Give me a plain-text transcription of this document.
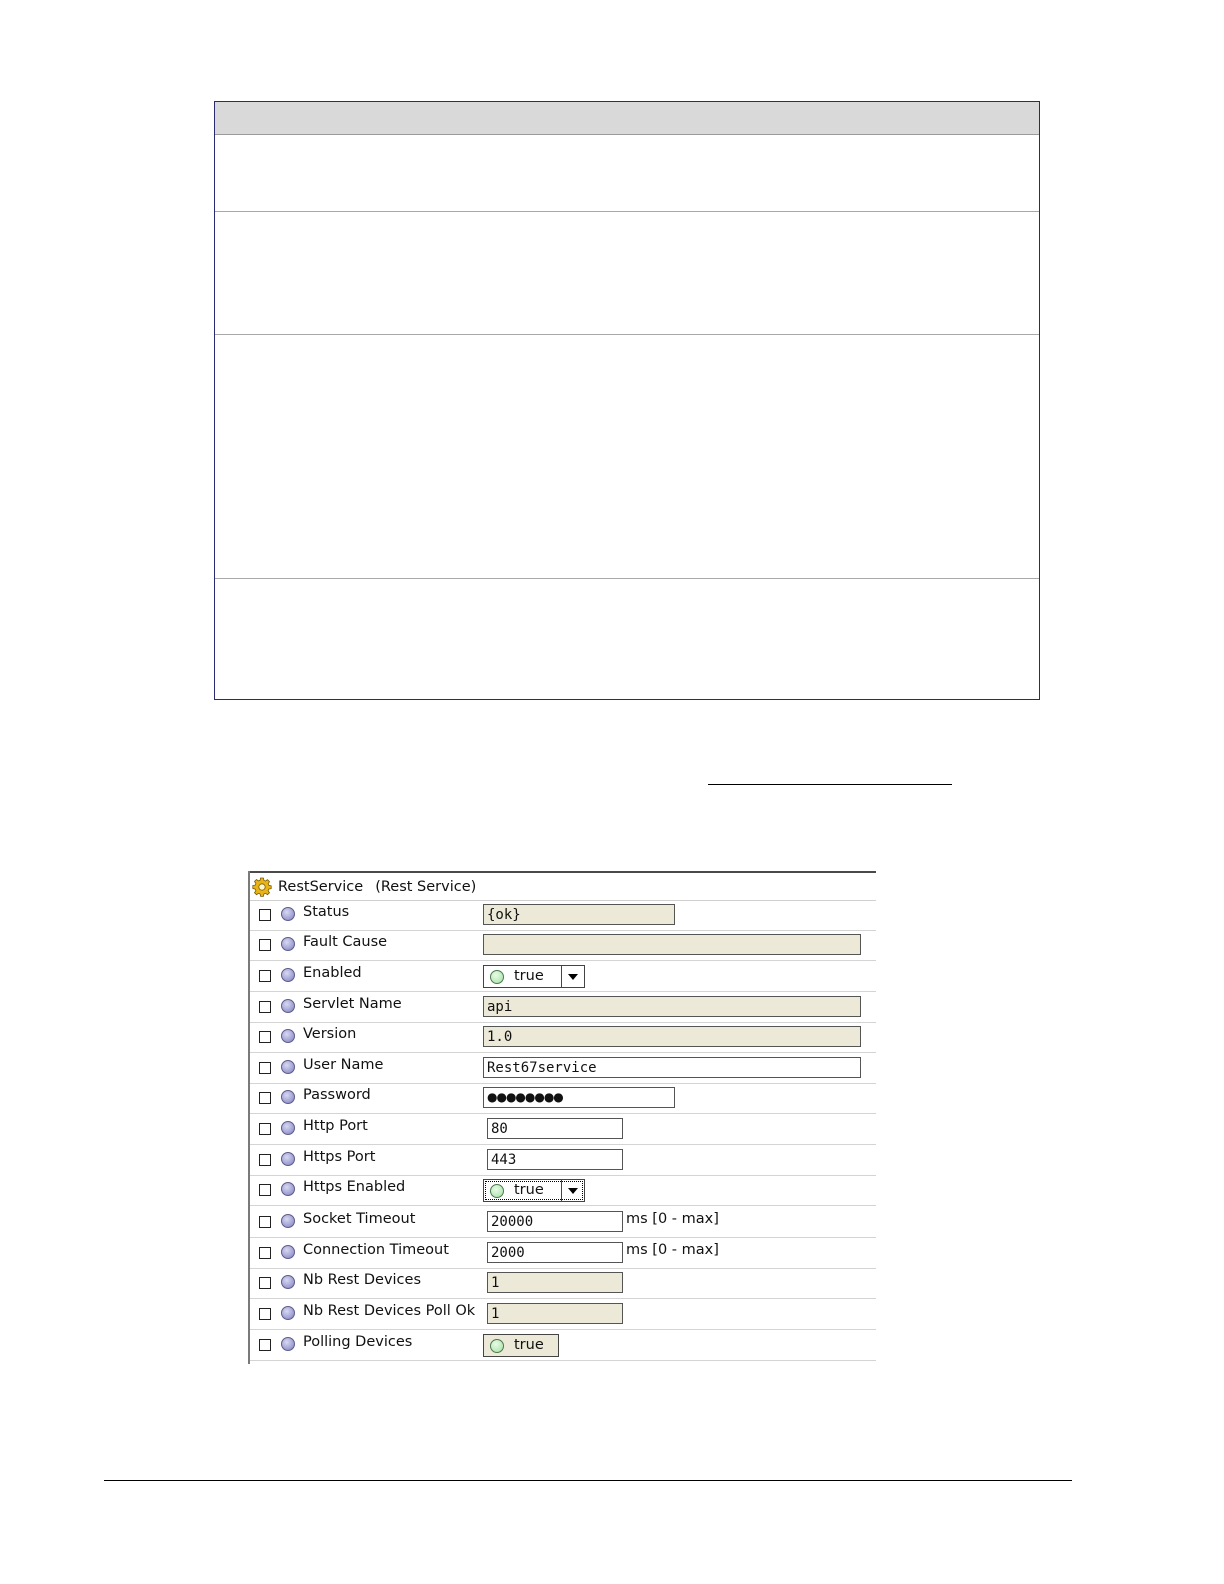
RestService (Rest Service)
Status	{ok}
Fault Cause
Enabled	true
Servlet Name	api
Version	1.0
User Name	Rest67service
Password	●●●●●●●●
Http Port	80
Https Port	443
Https Enabled	true
Socket Timeout	20000	ms [0 - max]
Connection Timeout	2000	ms [0 - max]
Nb Rest Devices	1
Nb Rest Devices Poll Ok 1
Polling Devices	true
